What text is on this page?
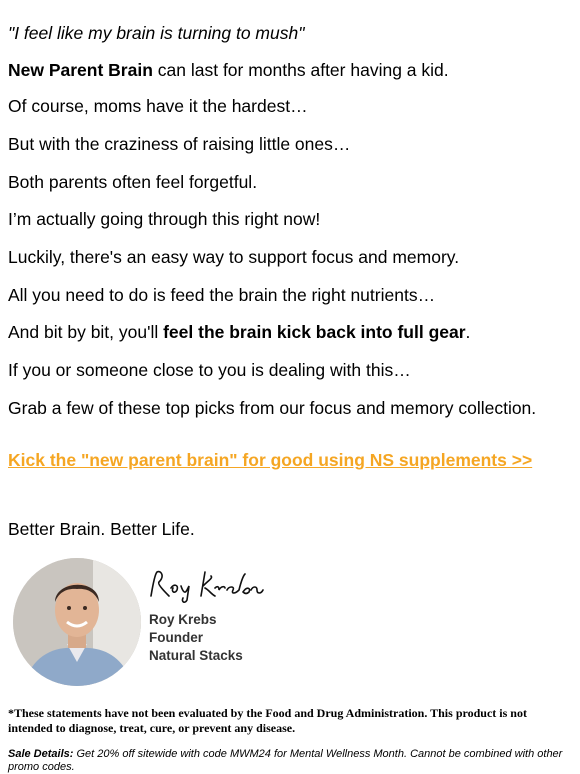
"I feel like my brain is turning to mush"
New Parent Brain can last for months after having a kid.
Of course, moms have it the hardest…
But with the craziness of raising little ones…
Both parents often feel forgetful.
I’m actually going through this right now!
Luckily, there's an easy way to support focus and memory.
All you need to do is feed the brain the right nutrients…
And bit by bit, you'll feel the brain kick back into full gear.
If you or someone close to you is dealing with this…
Grab a few of these top picks from our focus and memory collection.
Kick the "new parent brain" for good using NS supplements >>
Better Brain. Better Life.
Roy Krebs
Founder
Natural Stacks
*These statements have not been evaluated by the Food and Drug Administration. This product is not intended to diagnose, treat, cure, or prevent any disease.
Sale Details: Get 20% off sitewide with code MWM24 for Mental Wellness Month. Cannot be combined with other promo codes.
